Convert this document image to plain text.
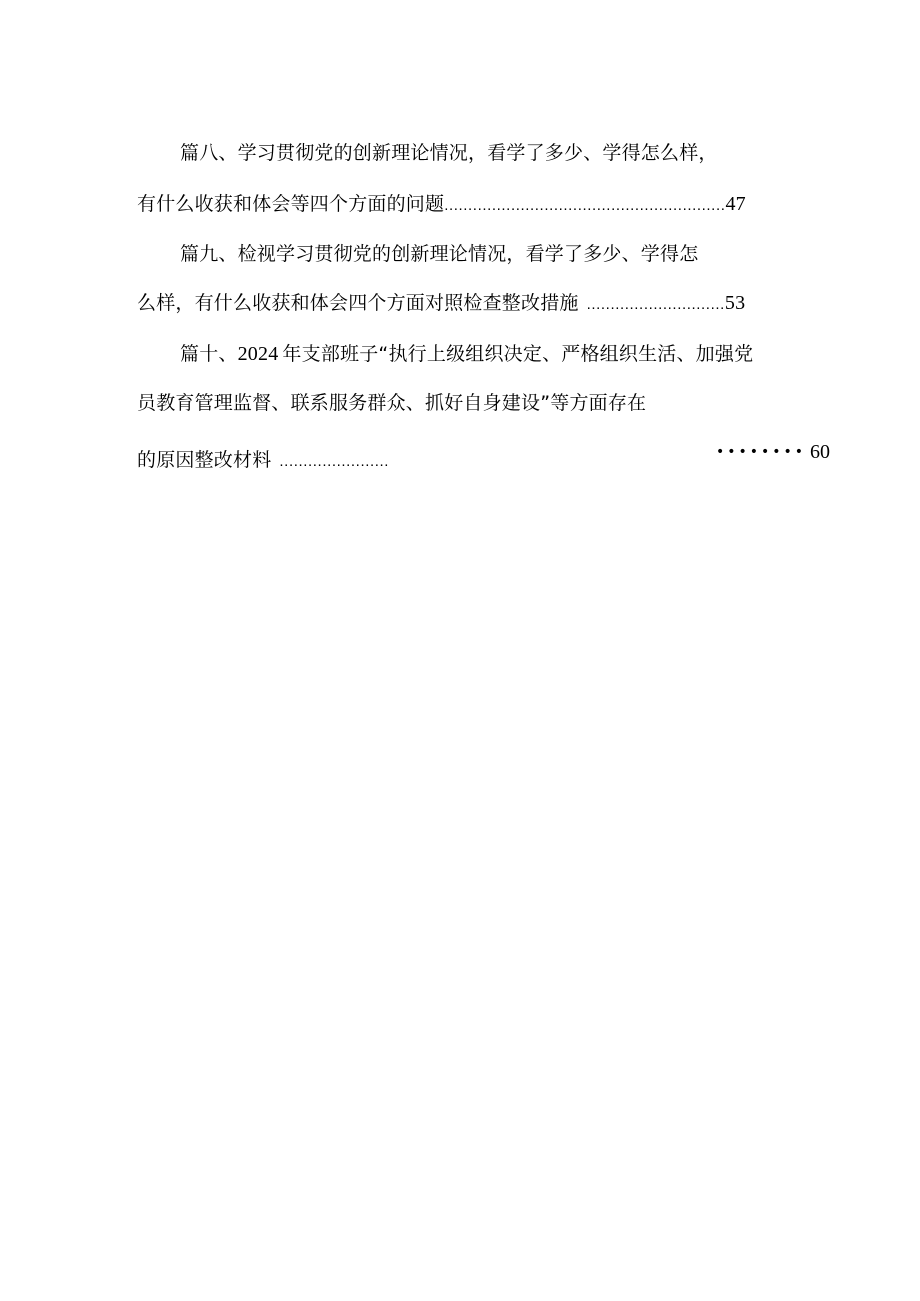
篇八、学习贯彻党的创新理论情况，看学了多少、学得怎么样，
有什么收获和体会等四个方面的问题...........................................................47
篇九、检视学习贯彻党的创新理论情况，看学了多少、学得怎
么样，有什么收获和体会四个方面对照检查整改措施 .............................53
篇十、2024 年支部班子“执行上级组织决定、严格组织生活、加强党
员教育管理监督、联系服务群众、抓好自身建设”等方面存在
的原因整改材料 .......................
•••••••• 60
